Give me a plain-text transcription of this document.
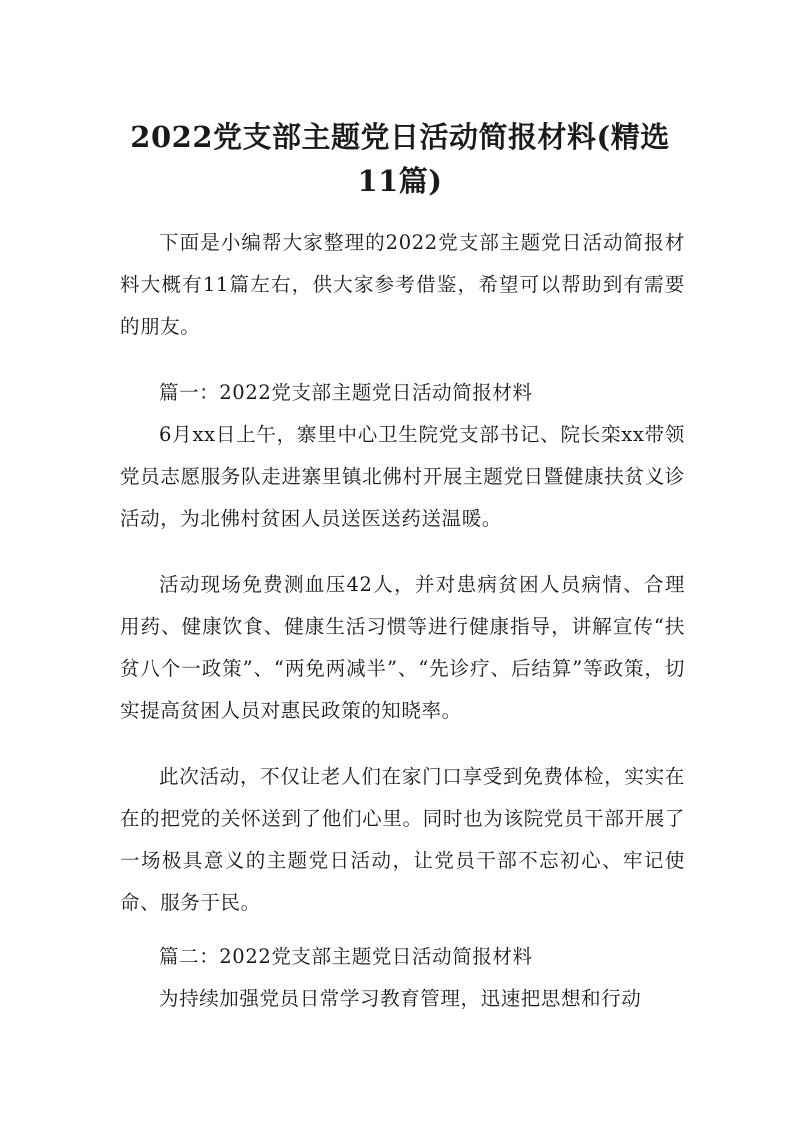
2022党支部主题党日活动简报材料(精选11篇)

下面是小编帮大家整理的2022党支部主题党日活动简报材料大概有11篇左右，供大家参考借鉴，希望可以帮助到有需要的朋友。

篇一：2022党支部主题党日活动简报材料

6月xx日上午，寨里中心卫生院党支部书记、院长栾xx带领党员志愿服务队走进寨里镇北佛村开展主题党日暨健康扶贫义诊活动，为北佛村贫困人员送医送药送温暖。

活动现场免费测血压42人，并对患病贫困人员病情、合理用药、健康饮食、健康生活习惯等进行健康指导，讲解宣传“扶贫八个一政策”、“两免两减半”、“先诊疗、后结算”等政策，切实提高贫困人员对惠民政策的知晓率。

此次活动，不仅让老人们在家门口享受到免费体检，实实在在的把党的关怀送到了他们心里。同时也为该院党员干部开展了一场极具意义的主题党日活动，让党员干部不忘初心、牢记使命、服务于民。

篇二：2022党支部主题党日活动简报材料

为持续加强党员日常学习教育管理，迅速把思想和行动
